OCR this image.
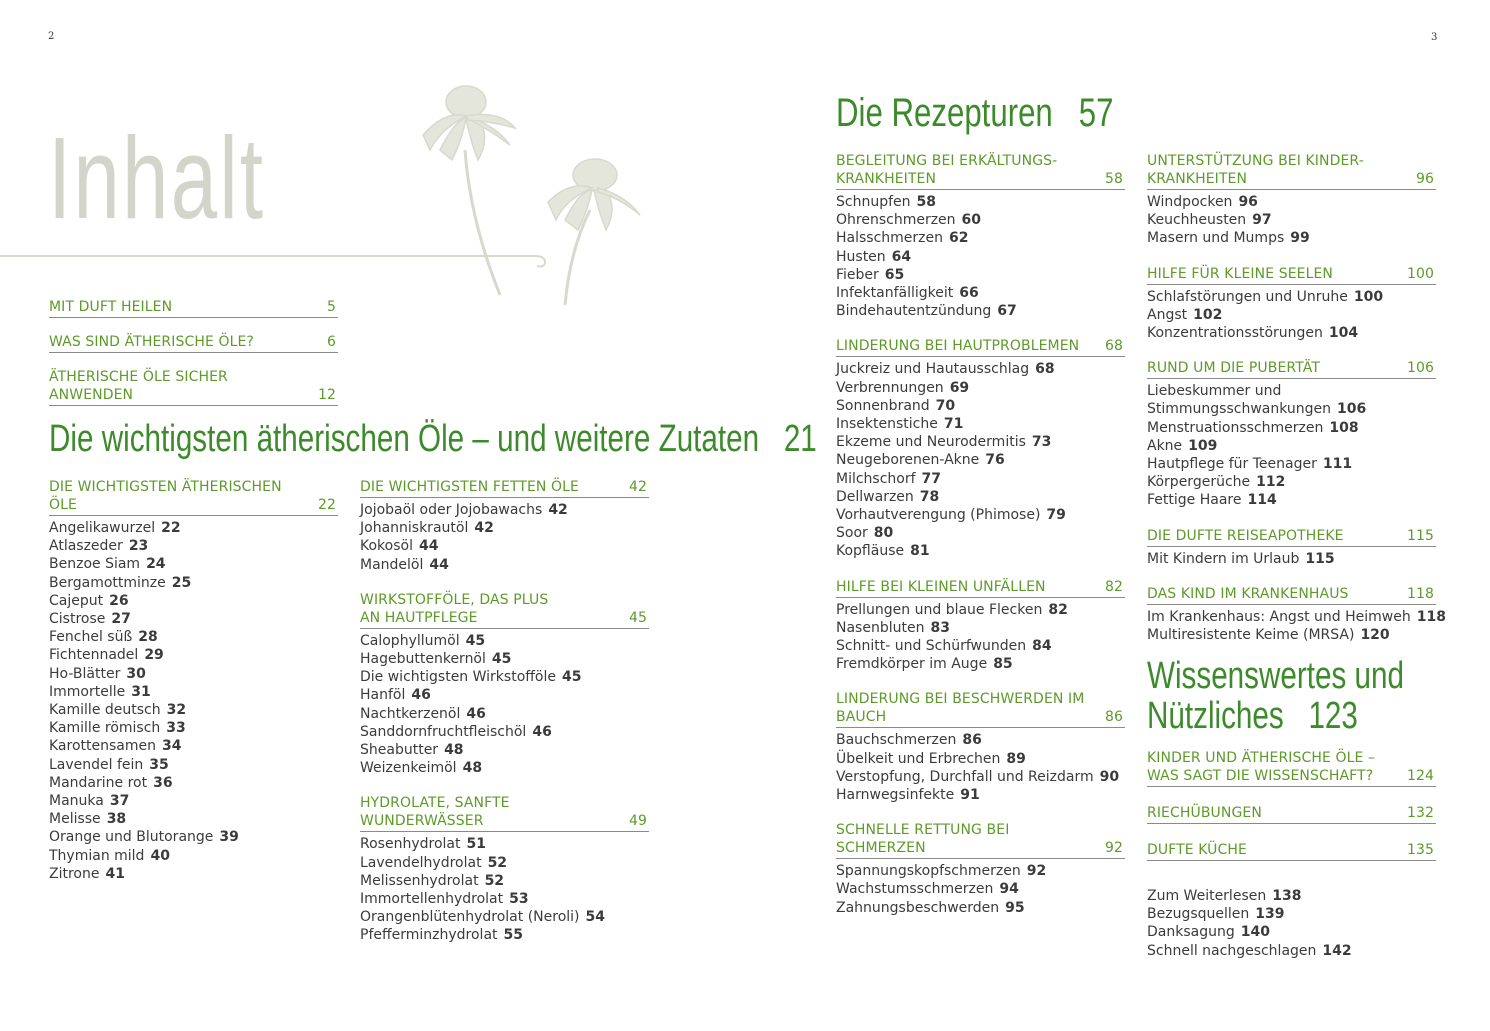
2	3
Inhalt
MIT DUFT HEILEN	5
WAS SIND ÄTHERISCHE ÖLE?	6
ÄTHERISCHE ÖLE SICHER ANWENDEN	12
Die wichtigsten ätherischen Öle – und weitere Zutaten 21
Die Rezepturen 57
Wissenswertes und
Nützliches 123
DIE WICHTIGSTEN ÄTHERISCHEN ÖLE	22
Angelikawurzel 22
Atlaszeder 23
Benzoe Siam 24
Bergamottminze 25
Cajeput 26
Cistrose 27
Fenchel süß 28
Fichtennadel 29
Ho-Blätter 30
Immortelle 31
Kamille deutsch 32
Kamille römisch 33
Karottensamen 34
Lavendel fein 35
Mandarine rot 36
Manuka 37
Melisse 38
Orange und Blutorange 39
Thymian mild 40
Zitrone 41
DIE WICHTIGSTEN FETTEN ÖLE	42
Jojobaöl oder Jojobawachs 42
Johanniskrautöl 42
Kokosöl 44
Mandelöl 44
WIRKSTOFFÖLE, DAS PLUS
AN HAUTPFLEGE	45
Calophyllumöl 45
Hagebuttenkernöl 45
Die wichtigsten Wirkstofföle 45
Hanföl 46
Nachtkerzenöl 46
Sanddornfruchtfleischöl 46
Sheabutter 48
Weizenkeimöl 48
HYDROLATE, SANFTE WUNDERWÄSSER	49
Rosenhydrolat 51
Lavendelhydrolat 52
Melissenhydrolat 52
Immortellenhydrolat 53
Orangenblütenhydrolat (Neroli) 54
Pfefferminzhydrolat 55
BEGLEITUNG BEI ERKÄLTUNGS-
KRANKHEITEN	58
Schnupfen 58
Ohrenschmerzen 60
Halsschmerzen 62
Husten 64
Fieber 65
Infektanfälligkeit 66
Bindehautentzündung 67
LINDERUNG BEI HAUTPROBLEMEN 68
Juckreiz und Hautausschlag 68
Verbrennungen 69
Sonnenbrand 70
Insektenstiche 71
Ekzeme und Neurodermitis 73
Neugeborenen-Akne 76
Milchschorf 77
Dellwarzen 78
Vorhautverengung (Phimose) 79
Soor 80
Kopfläuse 81
HILFE BEI KLEINEN UNFÄLLEN	82
Prellungen und blaue Flecken 82
Nasenbluten 83
Schnitt- und Schürfwunden 84
Fremdkörper im Auge 85
LINDERUNG BEI BESCHWERDEN IM BAUCH	86
Bauchschmerzen 86
Übelkeit und Erbrechen 89
Verstopfung, Durchfall und Reizdarm 90
Harnwegsinfekte 91
SCHNELLE RETTUNG BEI SCHMERZEN	92
Spannungskopfschmerzen 92
Wachstumsschmerzen 94
Zahnungsbeschwerden 95
UNTERSTÜTZUNG BEI KINDER-
KRANKHEITEN	96
Windpocken 96
Keuchheusten 97
Masern und Mumps 99
HILFE FÜR KLEINE SEELEN	100
Schlafstörungen und Unruhe 100
Angst 102
Konzentrationsstörungen 104
RUND UM DIE PUBERTÄT	106
Liebeskummer und
Stimmungsschwankungen 106
Menstruationsschmerzen 108
Akne 109
Hautpflege für Teenager 111
Körpergerüche 112
Fettige Haare 114
DIE DUFTE REISEAPOTHEKE	115
Mit Kindern im Urlaub 115
DAS KIND IM KRANKENHAUS	118
Im Krankenhaus: Angst und Heimweh 118
Multiresistente Keime (MRSA) 120
KINDER UND ÄTHERISCHE ÖLE –
WAS SAGT DIE WISSENSCHAFT? 124
RIECHÜBUNGEN	132
DUFTE KÜCHE	135
Zum Weiterlesen 138
Bezugsquellen 139
Danksagung 140
Schnell nachgeschlagen 142
